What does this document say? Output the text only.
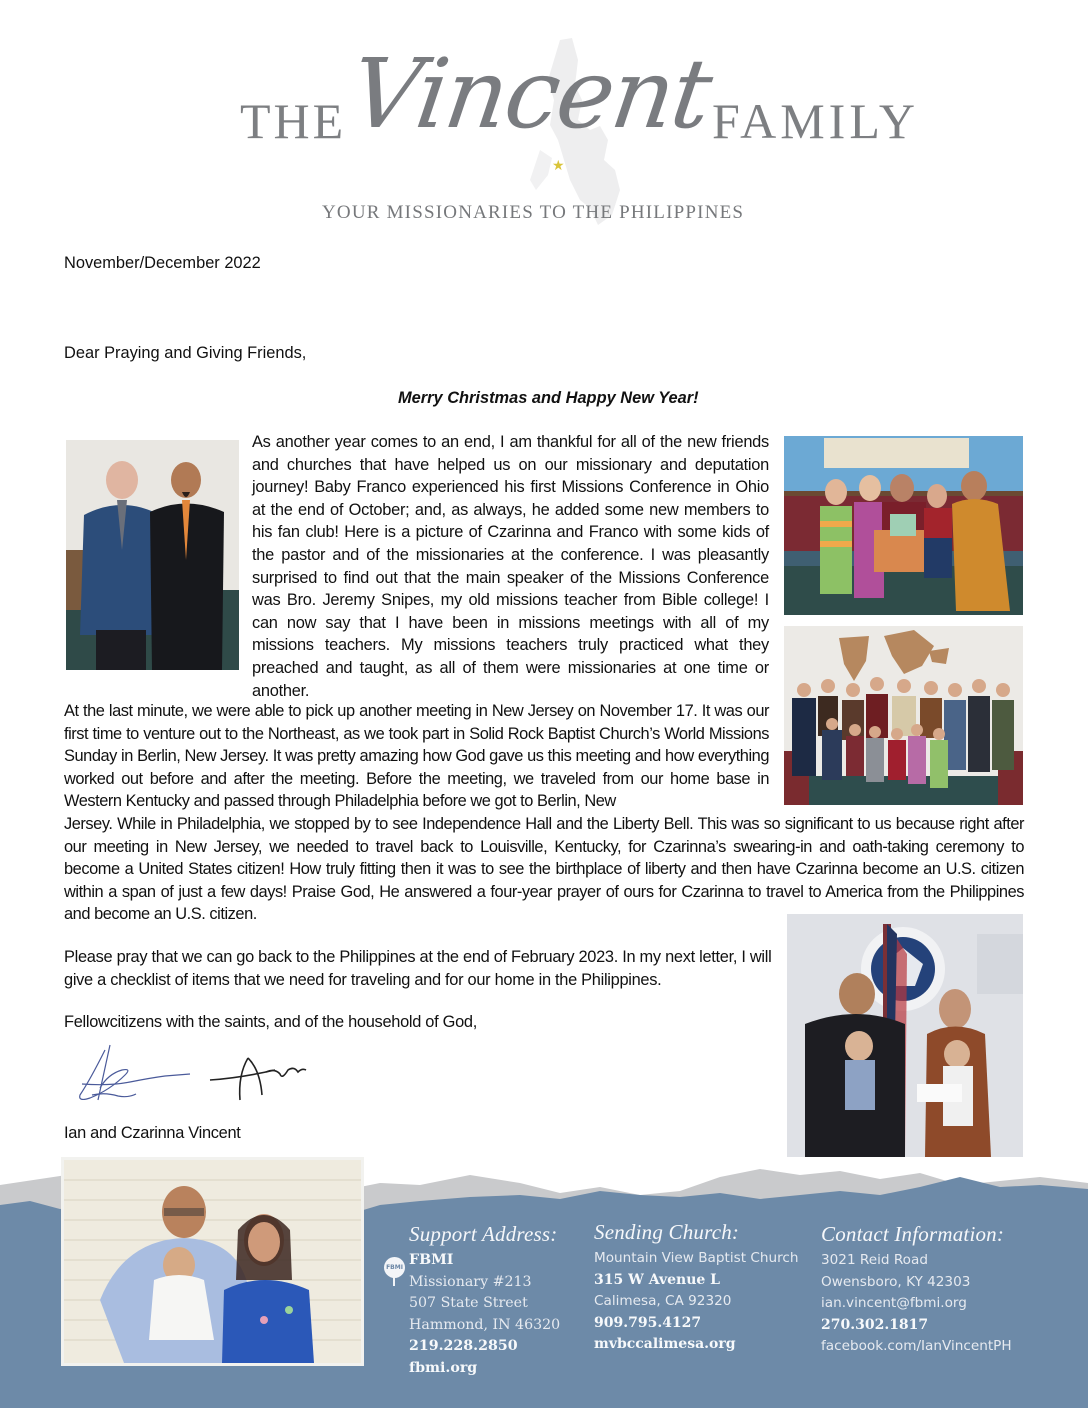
THE
Vincent
FAMILY
★
YOUR MISSIONARIES TO THE PHILIPPINES
November/December 2022
Dear Praying and Giving Friends,
Merry Christmas and Happy New Year!
As another year comes to an end, I am thankful for all of the new friends and churches that have helped us on our missionary and deputation journey! Baby Franco experienced his first Missions Conference in Ohio at the end of October; and, as always, he added some new members to his fan club! Here is a picture of Czarinna and Franco with some kids of the pastor and of the missionaries at the conference. I was pleasantly surprised to find out that the main speaker of the Missions Conference was Bro. Jeremy Snipes, my old missions teacher from Bible college! I can now say that I have been in missions meetings with all of my missions teachers. My missions teachers truly practiced what they preached and taught, as all of them were missionaries at one time or another.
At the last minute, we were able to pick up another meeting in New Jersey on November 17. It was our first time to venture out to the Northeast, as we took part in Solid Rock Baptist Church’s World Missions Sunday in Berlin, New Jersey. It was pretty amazing how God gave us this meeting and how everything worked out before and after the meeting. Before the meeting, we traveled from our home base in Western Kentucky and passed through Philadelphia before we got to Berlin, New
Jersey. While in Philadelphia, we stopped by to see Independence Hall and the Liberty Bell. This was so significant to us because right after our meeting in New Jersey, we needed to travel back to Louisville, Kentucky, for Czarinna’s swearing-in and oath-taking ceremony to become a United States citizen! How truly fitting then it was to see the birthplace of liberty and then have Czarinna become an U.S. citizen within a span of just a few days! Praise God, He answered a four-year prayer of ours for Czarinna to travel to America from the Philippines and become an U.S. citizen.
Please pray that we can go back to the Philippines at the end of February 2023. In my next letter, I will give a checklist of items that we need for traveling and for our home in the Philippines.
Fellowcitizens with the saints, and of the household of God,
Ian and Czarinna Vincent
FBMI
Support Address:
FBMI
Missionary #213
507 State Street
Hammond, IN 46320
219.228.2850
fbmi.org
Sending Church:
Mountain View Baptist Church
315 W Avenue L
Calimesa, CA 92320
909.795.4127
mvbccalimesa.org
Contact Information:
3021 Reid Road
Owensboro, KY 42303
ian.vincent@fbmi.org
270.302.1817
facebook.com/IanVincentPH
